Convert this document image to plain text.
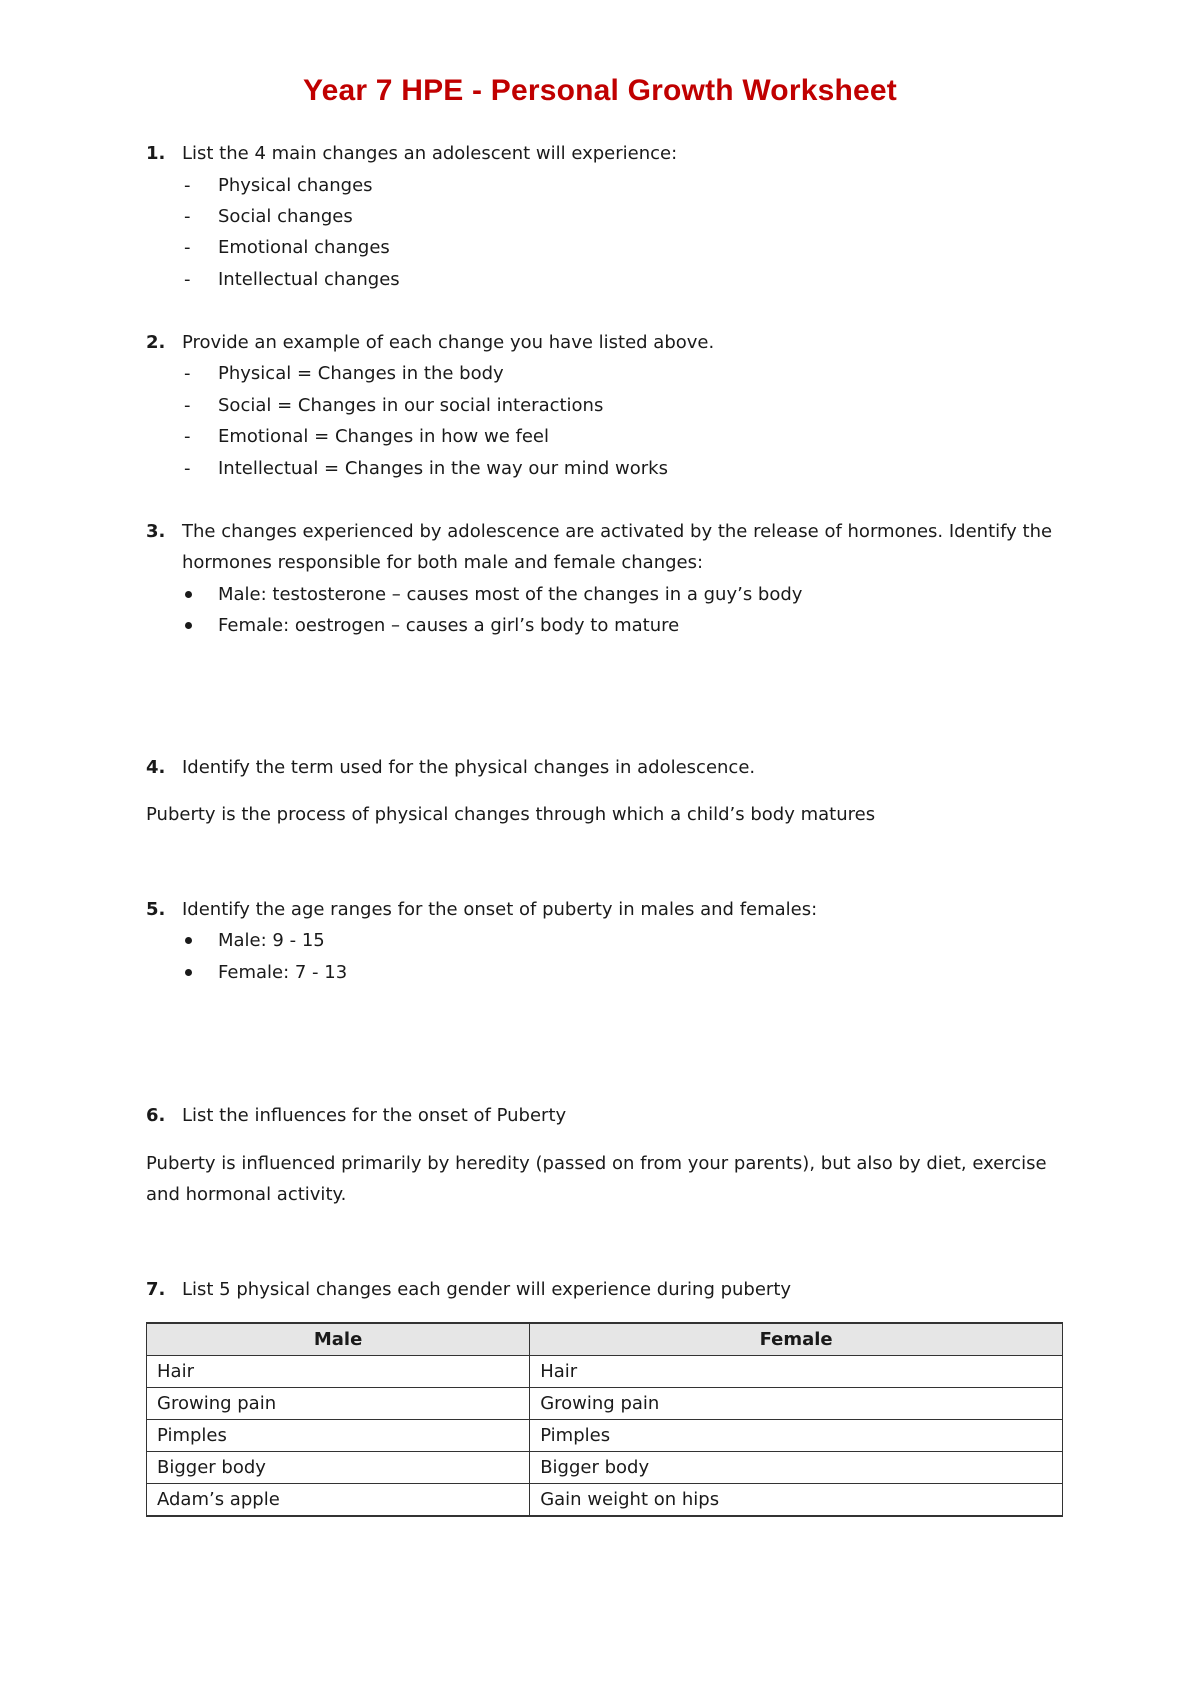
Year 7 HPE - Personal Growth Worksheet
1. List the 4 main changes an adolescent will experience:
- Physical changes
- Social changes
- Emotional changes
- Intellectual changes
2. Provide an example of each change you have listed above.
- Physical = Changes in the body
- Social = Changes in our social interactions
- Emotional = Changes in how we feel
- Intellectual = Changes in the way our mind works
3. The changes experienced by adolescence are activated by the release of hormones. Identify the
hormones responsible for both male and female changes:
Male: testosterone – causes most of the changes in a guy’s body
Female: oestrogen – causes a girl’s body to mature
4. Identify the term used for the physical changes in adolescence.
Puberty is the process of physical changes through which a child’s body matures
5. Identify the age ranges for the onset of puberty in males and females:
Male: 9 - 15
Female: 7 - 13
6. List the influences for the onset of Puberty
Puberty is influenced primarily by heredity (passed on from your parents), but also by diet, exercise
and hormonal activity.
7. List 5 physical changes each gender will experience during puberty
Male	Female
Hair	Hair
Growing pain	Growing pain
Pimples	Pimples
Bigger body	Bigger body
Adam’s apple	Gain weight on hips
